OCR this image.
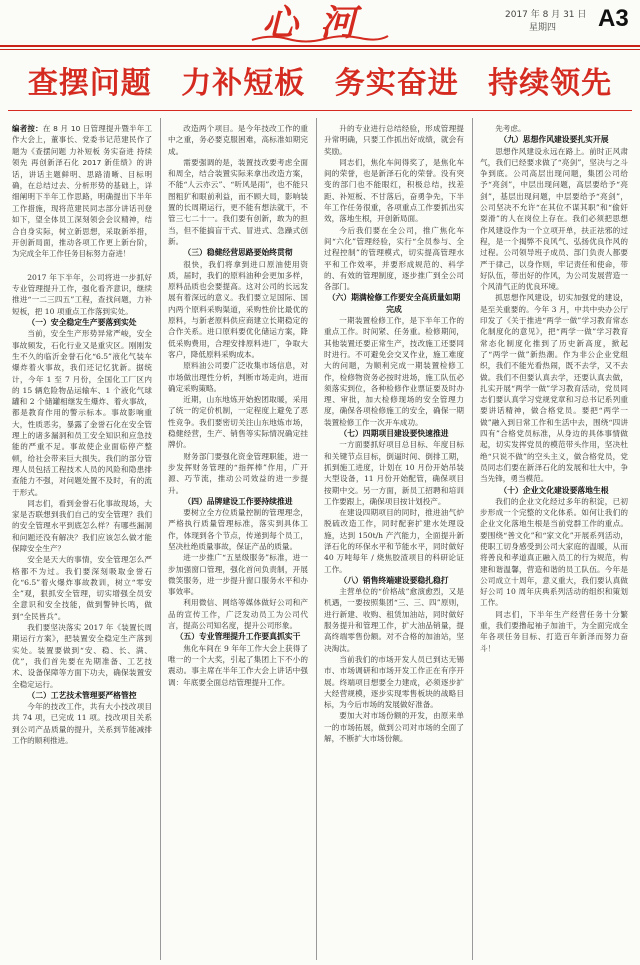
心河	2017 年 8 月 31 日
星期四	A3
查摆问题 力补短板 务实奋进 持续领先

编者按：在 8 月 10 日管理提升暨半年工作大会上，董事长、党委书记范建民作了题为《查摆问题 力补短板 务实奋进 持续领先 再创新泽石化 2017 新佳绩》的讲话，讲话主题鲜明、思路清晰、目标明确，在总结过去、分析形势的基础上，详细阐明下半年工作思路，明确提出下半年工作措施，现将范建民同志部分讲话刊登如下，望全体员工深刻领会会议精神，结合自身实际，树立新思想，采取新举措，开创新局面，推动各项工作更上新台阶，为完成全年工作任务目标努力奋进！

2017 年下半年，公司将进一步抓好专业管理提升工作，强化看齐意识，继续推进“一二三四五”工程，查找问题，力补短板，把 10 项重点工作落到实处。

（一）安全稳定生产要落到实处

当前，安全生产形势异常严峻，安全事故频发，石化行业又是重灾区。刚刚发生不久的临沂金誉石化“6.5”液化气装车爆炸着火事故，我们还记忆犹新。据统计，今年 1 至 7 月份，全国化工厂区内的 15 辆危险物品运输车、1 个液化气球罐和 2 个储罐相继发生爆炸、着火事故，都是教育作用的警示标本。事故影响重大，性质恶劣，暴露了金誉石化在安全管理上的诸多漏洞和员工安全知识和应急技能的严重不足。事故使企业面临停产整顿，给社会带来巨大损失。我们的部分管理人员包括工程技术人员的风险和隐患排查能力不强，对问题处置不及时，有的流于形式。

同志们，看到金誉石化事故现场，大家是否联想到我们自己的安全管理？我们的安全管理水平到底怎么样？有哪些漏洞和问题还没有解决？我们应该怎么做才能保障安全生产？

安全是天大的事情，安全管理怎么严格都不为过。我们要深刻吸取金誉石化“6.5”着火爆炸事故教训，树立“零安全”观，狠抓安全管理，切实增强全员安全意识和安全技能，做到警钟长鸣，做到“全民皆兵”。

我们要坚决落实 2017 年《装置长周期运行方案》，把装置安全稳定生产落到实处。装置要做到“安、稳、长、满、优”，我们首先要在先期准备、工艺技术、设备保障等方面下功夫，确保装置安全稳定运行。

（二）工艺技术管理要严格管控

今年的技改工作，共有大小技改项目共 74 项，已完成 11 项。技改项目关系到公司产品质量的提升，关系到节能减排工作的顺利推进。

改造两个项目。是今年技改工作的重中之重，务必要克服困难，高标准如期完成。

需要强调的是，装置技改要考虑全面和周全，结合装置实际来拿出改造方案，不能“人云亦云”、“听风是雨”，也不能只图粗犷和眼前利益，而不顾大局，影响装置的长周期运行，更不能有想法就干，不管三七二十一。我们要有创新，敢为的担当，但不能搞盲干式、冒进式、急躁式创新。

（三）稳健经营思路要始终贯彻

很快，我们将拿到进口原油使用资质，届时，我们的原料油种会更加多样，原料品质也会要提高。这对公司的长远发展有着深远的意义。我们要立足国际、国内两个原料采购渠道，采购性价比最优的原料，与新老原料供应商建立长期稳定的合作关系。进口原料要优化储运方案，降低采购费用，合理安排原料进厂，争取大客户，降低原料采购成本。

原料油公司要广泛收集市场信息，对市场做出理性分析，判断市场走向，进而确定采购策略。

近期，山东地炼开始抱团取暖，采用了统一的定价机制，一定程度上避免了恶性竞争。我们要密切关注山东地炼市场，稳健经营，生产、销售等实际情况确定挂牌价。

财务部门要强化资金管理职能，进一步发挥财务管理的“指挥棒”作用，广开源、巧节流，推动公司效益的进一步提升。

（四）品牌建设工作要持续推进

要树立全方位质量控制的管理理念，严格执行质量管理标准，落实到具体工作，体现到各个节点，传递到每个员工，坚决杜绝质量事故，保证产品的质量。

进一步推广“五星级服务”标准，进一步加强窗口管理，强化首问负责制，开展微笑服务，进一步提升窗口服务水平和办事效率。

利用微信、网络等媒体做好公司和产品的宣传工作，广泛发动员工为公司代言，提高公司知名度，提升公司形象。

（五）专业管理提升工作要真抓实干

焦化车间在 9 年年工作大会上获得了唯一的一个大奖，引起了集团上下不小的震动。事主席在半年工作大会上讲话中强调：年底要全面总结管理提升工作。

升的专业进行总结经验，形成管理提升常明确，只要工作抓出好成绩，就会有奖励。

同志们，焦化车间得奖了，是焦化车间的荣誉，也是新泽石化的荣誉。没有突变的部门也不能眼红，积极总结，找差距、补短板、不甘落后，奋勇争先，下半年工作任务很重，各项重点工作要抓出实效，落地生根，开创新局面。

今后我们要在全公司，推广焦化车间“六化”管理经验，实行“全员参与、全过程控制”的管理模式，切实提高管理水平和工作效率，并要形成规范的、科学的、有效的管理制度，逐步推广到全公司各部门。

（六）期满检修工作要安全高质量如期完成

一期装置检修工作，是下半年工作的重点工作。时间紧、任务重。检修期间，其他装置还要正常生产，技改施工还要同时进行。不可避免会交叉作业，施工难度大的问题，为顺利完成一期装置检修工作，检修物资务必按时进场，施工队伍必须落实到位，各种检修作业票证要及时办理、审批，加大检修现场的安全管理力度，确保各项检修施工的安全，确保一期装置检修工作一次开车成功。

（七）四期项目建设要快速推进

一方面要抓好项目总目标、年度目标和关键节点目标，倒逼时间、倒排工期，抓到施工进度，计划在 10 月份开始吊装大型设备，11 月份开始配管，确保项目按期中交。另一方面，新员工招聘和培训工作要跟上，确保项目按计划投产。

在建设四期项目的同时，推进油气炉脱硫改造工作，同时配套扩建水处理设施，达到 150t/h 产汽能力，全面提升新泽石化的环保水平和节能水平，同时做好 40 万吨每年 / 烧焦胶渣项目的科研论证工作。

（八）销售终端建设要稳扎稳打

主营单位的“价格战”愈演愈烈，又是机遇，一要按照集团“三、三、四”原则，进行新建、收购、租赁加油站，同时做好服务提升和管理工作，扩大油品销量，提高终端零售份额。对不合格的加油站，坚决淘汰。

当前我们的市场开发人员已到达无锡市、市场调研和市场开发工作正在有序开展。终端项目想要全力建成，必须逐步扩大经营规模，逐步实现零售板块的战略目标，为今后市场的发展做好准备。

要加大对市场份额的开发，由原来单一的市场拓展，做到公司对市场的全面了解，不断扩大市场份额。

先考虑。

（九）思想作风建设要扎实开展

思想作风建设永远在路上。前时正风肃气，我们已经要求做了“亮剑”，坚决与之斗争到底。公司高层出现问题，集团公司给予“亮剑”，中层出现问题，高层要给予“亮剑”，基层出现问题，中层要给予“亮剑”，公司坚决不允许“在其位不谋其职”和“偷奸耍滑”的人在岗位上存在。我们必须把思想作风建设作为一个立项开单，扶正祛邪的过程，是一个揭弊不良风气、弘扬优良作风的过程。公司领导班子成员、部门负责人都要严于律己，以身作则，牢记责任和使命，带好队伍，带出好的作风，为公司发展营造一个风清气正的优良环境。

抓思想作风建设，切实加强党的建设，是至关重要的。今年 3 月，中共中央办公厅印发了《关于推进“两学一做”学习教育常态化制度化的意见》，把“两学一做”学习教育常态化制度化推到了历史新高度，掀起了“两学一做”新热潮。作为非公企业党组织，我们不能光看热闹，既不去学，又不去做。我们不但要认真去学，还要认真去做，扎实开展“两学一做”学习教育活动，党员同志们要认真学习党规党章和习总书记系列重要讲话精神，做合格党员。要把“两学一做”融入到日常工作和生活中去，围绕“四讲四有”合格党员标准，从身边的具体事情做起，切实发挥党员的模范带头作用，坚决杜绝“只说不做”的空头主义，做合格党员，党员同志们要在新泽石化的发展和壮大中，争当先锋，勇当模范。

（十）企业文化建设要落地生根

我们的企业文化经过多年的积淀，已初步形成一个完整的文化体系。如何让我们的企业文化落地生根是当前党群工作的重点。要围绕“善文化”和“家文化”开展系列活动，使职工切身感受到公司大家庭的温暖，从而将善良和孝道真正融入员工的行为规范，构建和谐温馨，营造和谐的员工队伍。今年是公司成立十周年，意义重大，我们要认真做好公司 10 周年庆典系列活动的组织和策划工作。

同志们，下半年生产经营任务十分繁重，我们要撸起袖子加油干，为全面完成全年各项任务目标、打造百年新泽而努力奋斗！
